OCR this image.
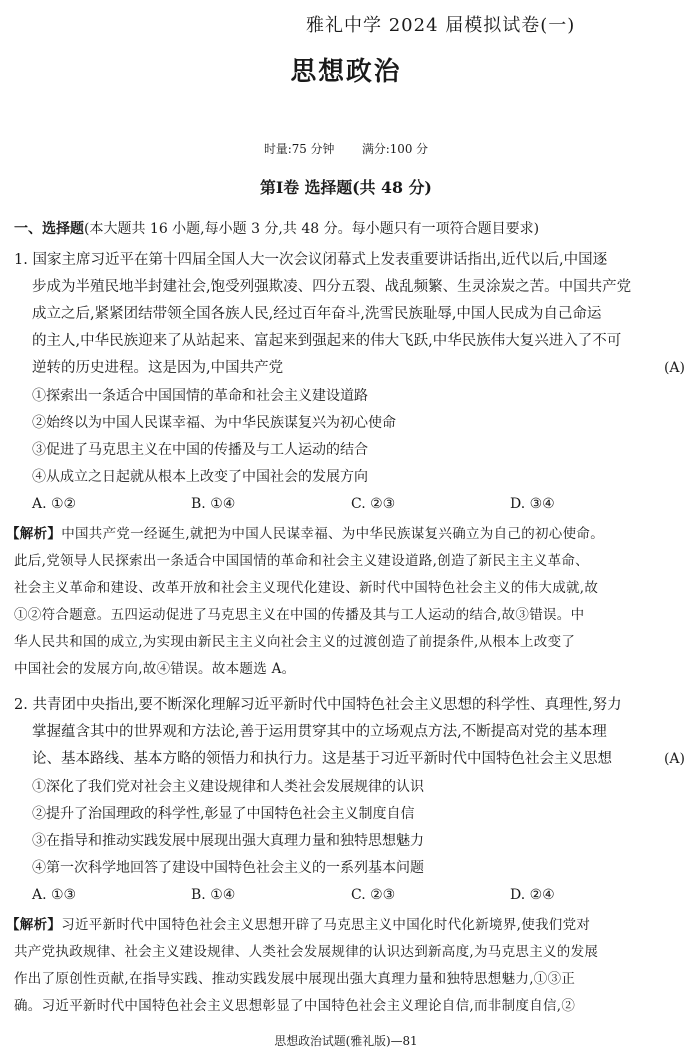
雅礼中学 2024 届模拟试卷(一)
思想政治
时量:75 分钟 满分:100 分
第Ⅰ卷 选择题(共 48 分)
一、选择题(本大题共 16 小题,每小题 3 分,共 48 分。每小题只有一项符合题目要求)
1. 国家主席习近平在第十四届全国人大一次会议闭幕式上发表重要讲话指出,近代以后,中国逐
步成为半殖民地半封建社会,饱受列强欺凌、四分五裂、战乱频繁、生灵涂炭之苦。中国共产党
成立之后,紧紧团结带领全国各族人民,经过百年奋斗,洗雪民族耻辱,中国人民成为自己命运
的主人,中华民族迎来了从站起来、富起来到强起来的伟大飞跃,中华民族伟大复兴进入了不可
逆转的历史进程。这是因为,中国共产党	(A)
①探索出一条适合中国国情的革命和社会主义建设道路
②始终以为中国人民谋幸福、为中华民族谋复兴为初心使命
③促进了马克思主义在中国的传播及与工人运动的结合
④从成立之日起就从根本上改变了中国社会的发展方向
A. ①②	B. ①④	C. ②③	D. ③④
【解析】中国共产党一经诞生,就把为中国人民谋幸福、为中华民族谋复兴确立为自己的初心使命。
此后,党领导人民探索出一条适合中国国情的革命和社会主义建设道路,创造了新民主主义革命、
社会主义革命和建设、改革开放和社会主义现代化建设、新时代中国特色社会主义的伟大成就,故
①②符合题意。五四运动促进了马克思主义在中国的传播及其与工人运动的结合,故③错误。中
华人民共和国的成立,为实现由新民主主义向社会主义的过渡创造了前提条件,从根本上改变了
中国社会的发展方向,故④错误。故本题选 A。
2. 共青团中央指出,要不断深化理解习近平新时代中国特色社会主义思想的科学性、真理性,努力
掌握蕴含其中的世界观和方法论,善于运用贯穿其中的立场观点方法,不断提高对党的基本理
论、基本路线、基本方略的领悟力和执行力。这是基于习近平新时代中国特色社会主义思想	(A)
①深化了我们党对社会主义建设规律和人类社会发展规律的认识
②提升了治国理政的科学性,彰显了中国特色社会主义制度自信
③在指导和推动实践发展中展现出强大真理力量和独特思想魅力
④第一次科学地回答了建设中国特色社会主义的一系列基本问题
A. ①③	B. ①④	C. ②③	D. ②④
【解析】习近平新时代中国特色社会主义思想开辟了马克思主义中国化时代化新境界,使我们党对
共产党执政规律、社会主义建设规律、人类社会发展规律的认识达到新高度,为马克思主义的发展
作出了原创性贡献,在指导实践、推动实践发展中展现出强大真理力量和独特思想魅力,①③正
确。习近平新时代中国特色社会主义思想彰显了中国特色社会主义理论自信,而非制度自信,②
思想政治试题(雅礼版)—81
